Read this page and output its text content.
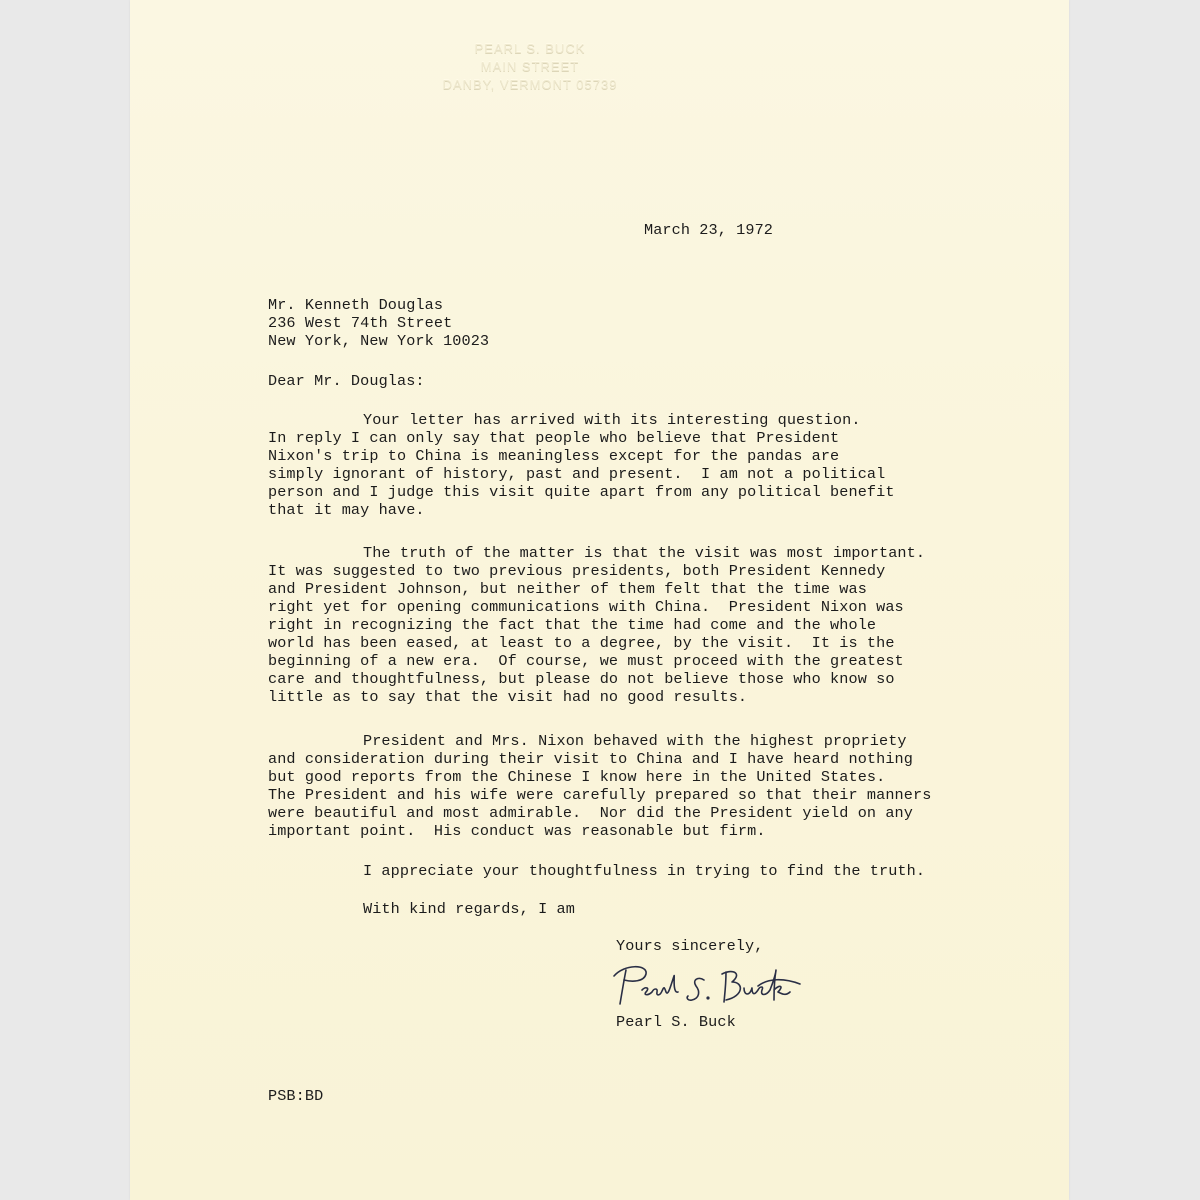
PEARL S. BUCK
MAIN STREET
DANBY, VERMONT 05739
March 23, 1972
Mr. Kenneth Douglas
236 West 74th Street
New York, New York 10023
Dear Mr. Douglas:
Your letter has arrived with its interesting question.
In reply I can only say that people who believe that President
Nixon's trip to China is meaningless except for the pandas are
simply ignorant of history, past and present.  I am not a political
person and I judge this visit quite apart from any political benefit
that it may have.
The truth of the matter is that the visit was most important.
It was suggested to two previous presidents, both President Kennedy
and President Johnson, but neither of them felt that the time was
right yet for opening communications with China.  President Nixon was
right in recognizing the fact that the time had come and the whole
world has been eased, at least to a degree, by the visit.  It is the
beginning of a new era.  Of course, we must proceed with the greatest
care and thoughtfulness, but please do not believe those who know so
little as to say that the visit had no good results.
President and Mrs. Nixon behaved with the highest propriety
and consideration during their visit to China and I have heard nothing
but good reports from the Chinese I know here in the United States.
The President and his wife were carefully prepared so that their manners
were beautiful and most admirable.  Nor did the President yield on any
important point.  His conduct was reasonable but firm.
I appreciate your thoughtfulness in trying to find the truth.
With kind regards, I am
Yours sincerely,
Pearl S. Buck
PSB:BD
